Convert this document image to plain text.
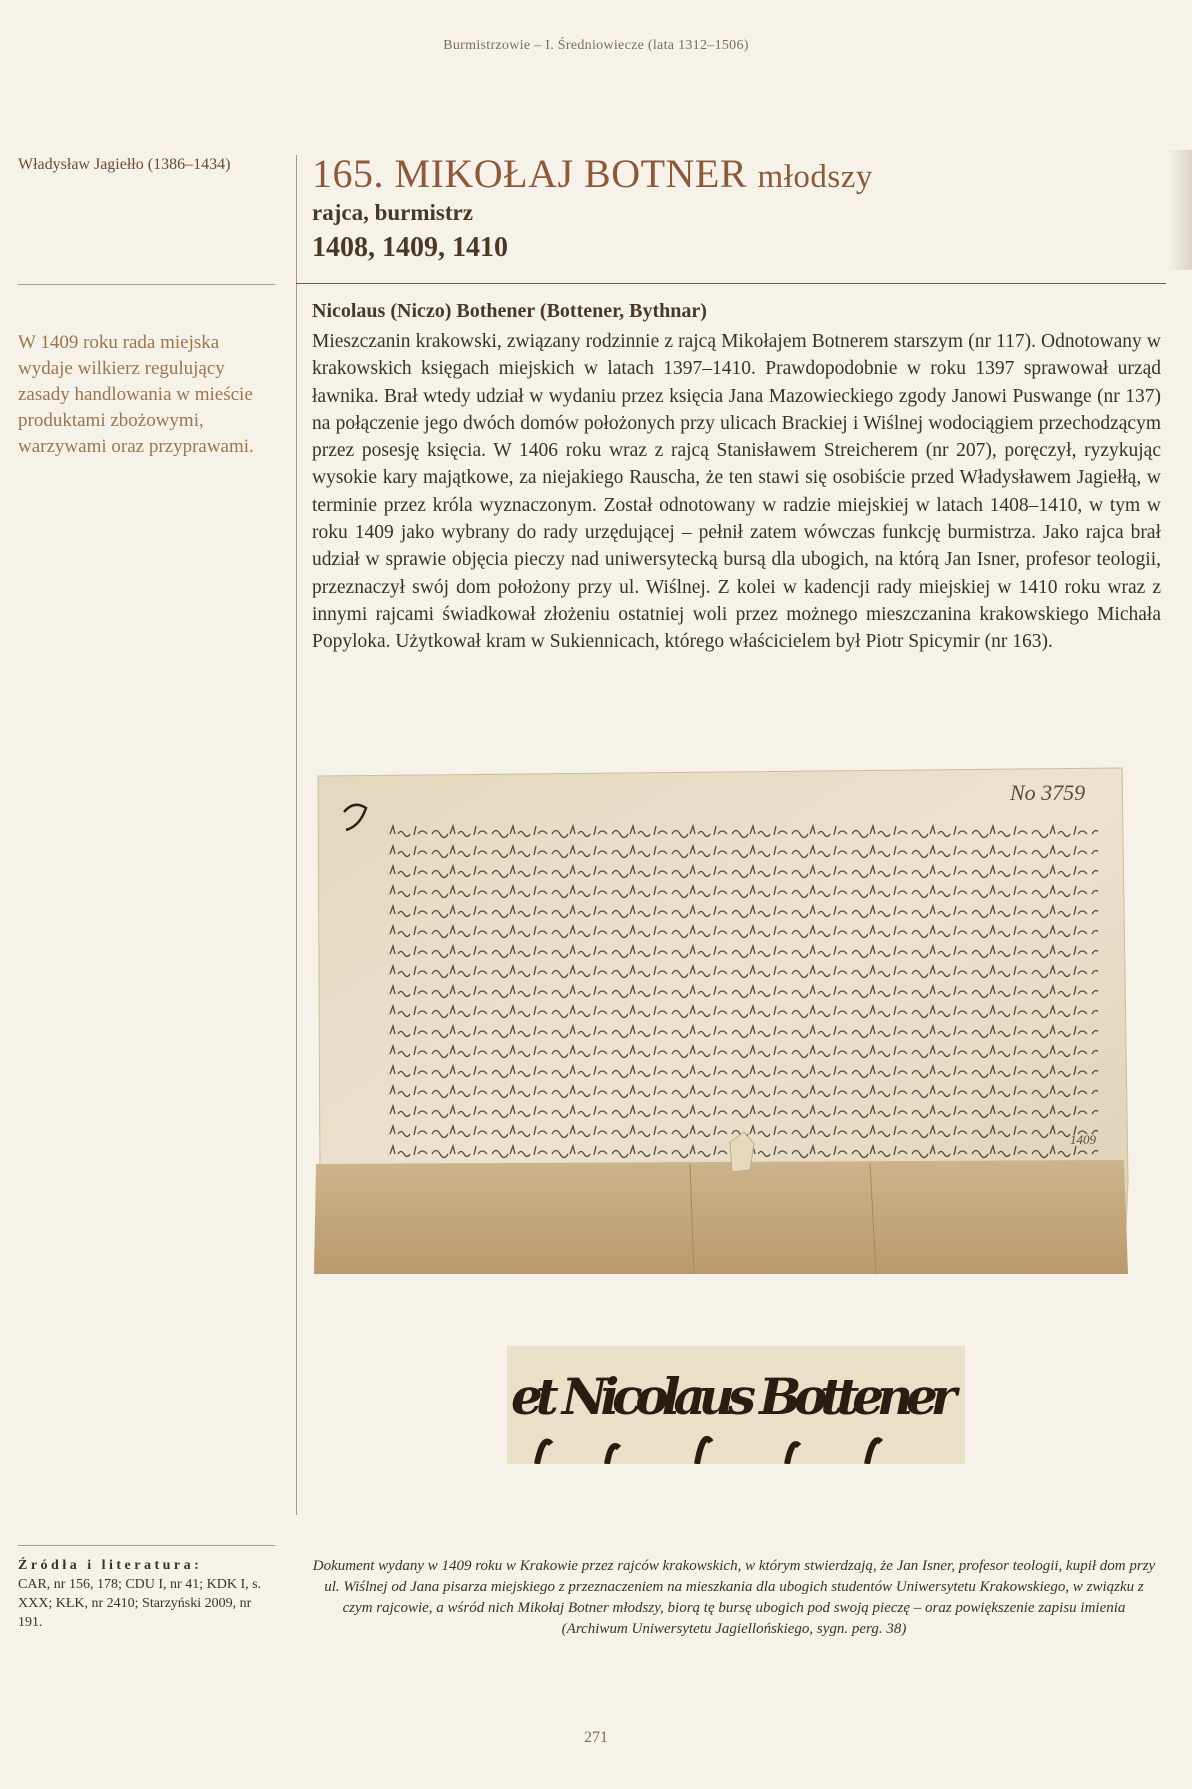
Burmistrzowie – I. Średniowiecze (lata 1312–1506)
Władysław Jagiełło (1386–1434)
W 1409 roku rada miejska wydaje wilkierz regulujący zasady handlowania w mieście produktami zbożowymi, warzywami oraz przyprawami.
165. MIKOŁAJ BOTNER młodszy
rajca, burmistrz
1408, 1409, 1410
Nicolaus (Niczo) Bothener (Bottener, Bythnar)
Mieszczanin krakowski, związany rodzinnie z rajcą Mikołajem Botnerem starszym (nr 117). Odnotowany w krakowskich księgach miejskich w latach 1397–1410. Prawdopodobnie w roku 1397 sprawował urząd ławnika. Brał wtedy udział w wydaniu przez księcia Jana Mazowieckiego zgody Janowi Puswange (nr 137) na połączenie jego dwóch domów położonych przy ulicach Brackiej i Wiślnej wodociągiem przechodzącym przez posesję księcia. W 1406 roku wraz z rajcą Stanisławem Streicherem (nr 207), poręczył, ryzykując wysokie kary majątkowe, za niejakiego Rauscha, że ten stawi się osobiście przed Władysławem Jagiełłą, w terminie przez króla wyznaczonym. Został odnotowany w radzie miejskiej w latach 1408–1410, w tym w roku 1409 jako wybrany do rady urzędującej – pełnił zatem wówczas funkcję burmistrza. Jako rajca brał udział w sprawie objęcia pieczy nad uniwersytecką bursą dla ubogich, na którą Jan Isner, profesor teologii, przeznaczył swój dom położony przy ul. Wiślnej. Z kolei w kadencji rady miejskiej w 1410 roku wraz z innymi rajcami świadkował złożeniu ostatniej woli przez możnego mieszczanina krakowskiego Michała Popyloka. Użytkował kram w Sukiennicach, którego właścicielem był Piotr Spicymir (nr 163).
No 3759
1409
et Nicolaus Bottener
Źródła i literatura:
CAR, nr 156, 178; CDU I, nr 41; KDK I, s. XXX; KŁK, nr 2410; Starzyński 2009, nr 191.
Dokument wydany w 1409 roku w Krakowie przez rajców krakowskich, w którym stwierdzają, że Jan Isner, profesor teologii, kupił dom przy ul. Wiślnej od Jana pisarza miejskiego z przeznaczeniem na mieszkania dla ubogich studentów Uniwersytetu Krakowskiego, w związku z czym rajcowie, a wśród nich Mikołaj Botner młodszy, biorą tę bursę ubogich pod swoją pieczę – oraz powiększenie zapisu imienia (Archiwum Uniwersytetu Jagiellońskiego, sygn. perg. 38)
271
